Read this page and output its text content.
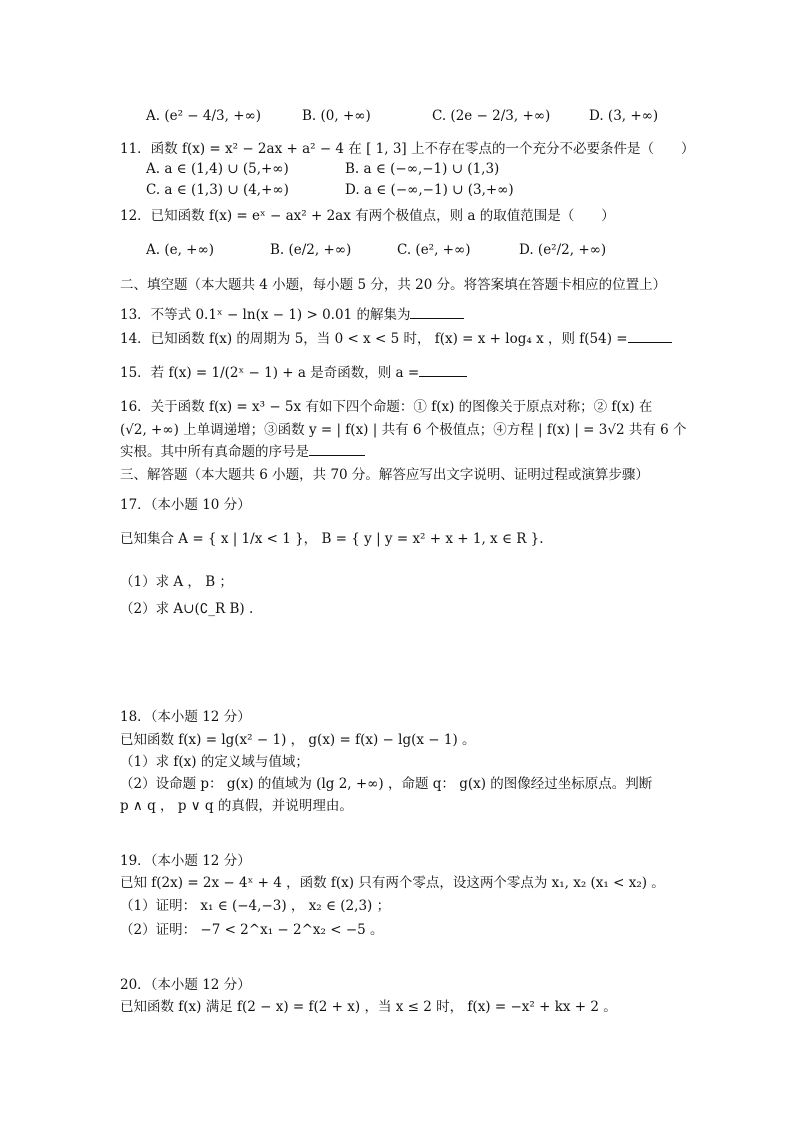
A. (e² − 4/3, +∞)	B. (0, +∞)	C. (2e − 2/3, +∞)	D. (3, +∞)
11．函数 f(x) = x² − 2ax + a² − 4 在 [ 1, 3] 上不存在零点的一个充分不必要条件是（　　）
A. a ∈ (1,4) ∪ (5,+∞)	B. a ∈ (−∞,−1) ∪ (1,3)
C. a ∈ (1,3) ∪ (4,+∞)	D. a ∈ (−∞,−1) ∪ (3,+∞)
12．已知函数 f(x) = eˣ − ax² + 2ax 有两个极值点，则 a 的取值范围是（　　）
A. (e, +∞)	B. (e/2, +∞)	C. (e², +∞)	D. (e²/2, +∞)
二、填空题（本大题共 4 小题，每小题 5 分，共 20 分。将答案填在答题卡相应的位置上）
13．不等式 0.1ˣ − ln(x − 1) > 0.01 的解集为
14．已知函数 f(x) 的周期为 5，当 0 < x < 5 时， f(x) = x + log₄ x ，则 f(54) =
15．若 f(x) = 1/(2ˣ − 1) + a 是奇函数，则 a =
16．关于函数 f(x) = x³ − 5x 有如下四个命题：① f(x) 的图像关于原点对称；② f(x) 在
(√2, +∞) 上单调递增；③函数 y = | f(x) | 共有 6 个极值点；④方程 | f(x) | = 3√2 共有 6 个
实根。其中所有真命题的序号是
三、解答题（本大题共 6 小题，共 70 分。解答应写出文字说明、证明过程或演算步骤）
17．（本小题 10 分）
已知集合 A = { x | 1/x < 1 }， B = { y | y = x² + x + 1, x ∈ R }.
（1）求 A ， B ；
（2）求 A∪(∁_R B) .
18．（本小题 12 分）
已知函数 f(x) = lg(x² − 1) ， g(x) = f(x) − lg(x − 1) 。
（1）求 f(x) 的定义域与值域；
（2）设命题 p： g(x) 的值域为 (lg 2, +∞) ，命题 q： g(x) 的图像经过坐标原点。判断
p ∧ q ， p ∨ q 的真假，并说明理由。
19．（本小题 12 分）
已知 f(2x) = 2x − 4ˣ + 4 ，函数 f(x) 只有两个零点，设这两个零点为 x₁, x₂ (x₁ < x₂) 。
（1）证明： x₁ ∈ (−4,−3) ， x₂ ∈ (2,3) ；
（2）证明： −7 < 2^x₁ − 2^x₂ < −5 。
20．（本小题 12 分）
已知函数 f(x) 满足 f(2 − x) = f(2 + x) ，当 x ≤ 2 时， f(x) = −x² + kx + 2 。
